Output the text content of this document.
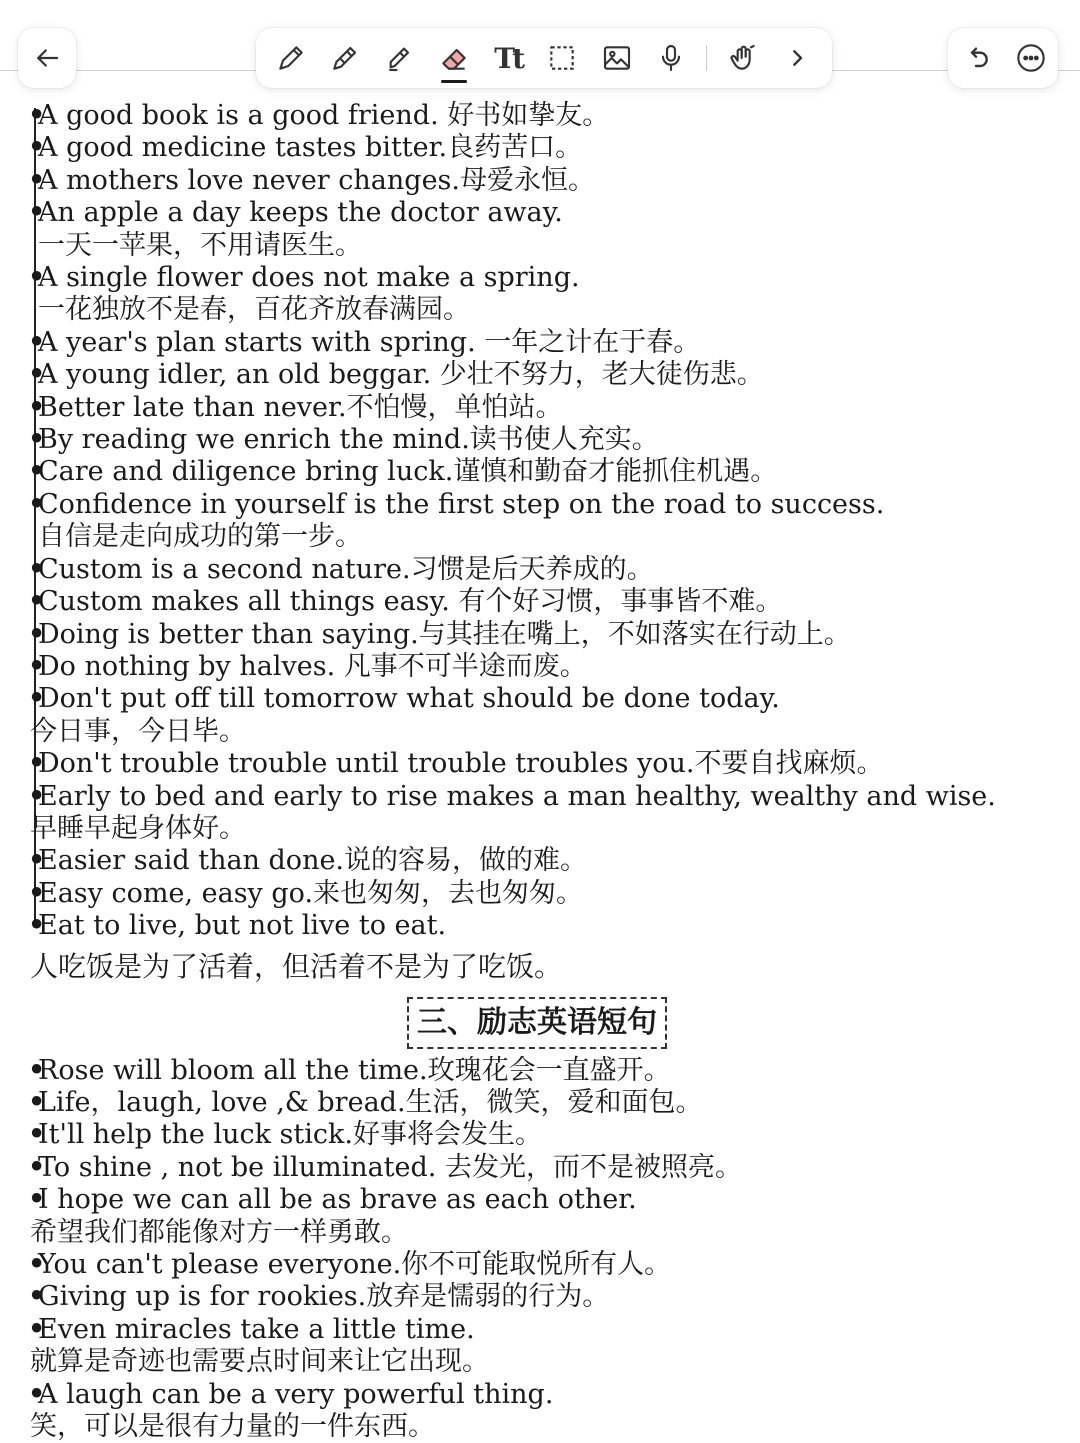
Tt

• A good book is a good friend. 好书如挚友。

• A good medicine tastes bitter.良药苦口。

• A mothers love never changes.母爱永恒。

• An apple a day keeps the doctor away.

一天一苹果，不用请医生。

• A single flower does not make a spring.

一花独放不是春，百花齐放春满园。

• A year's plan starts with spring. 一年之计在于春。

• A young idler, an old beggar. 少壮不努力，老大徒伤悲。

• Better late than never.不怕慢，单怕站。

• By reading we enrich the mind.读书使人充实。

• Care and diligence bring luck.谨慎和勤奋才能抓住机遇。

• Confidence in yourself is the first step on the road to success.

自信是走向成功的第一步。

• Custom is a second nature.习惯是后天养成的。

• Custom makes all things easy. 有个好习惯，事事皆不难。

• Doing is better than saying.与其挂在嘴上，不如落实在行动上。

• Do nothing by halves. 凡事不可半途而废。

• Don't put off till tomorrow what should be done today.

今日事，今日毕。

• Don't trouble trouble until trouble troubles you.不要自找麻烦。

• Early to bed and early to rise makes a man healthy, wealthy and wise.

早睡早起身体好。

• Easier said than done.说的容易，做的难。

• Easy come, easy go.来也匆匆，去也匆匆。

• Eat to live, but not live to eat.

人吃饭是为了活着，但活着不是为了吃饭。

三、励志英语短句

• Rose will bloom all the time.玫瑰花会一直盛开。

• Life，laugh, love ,& bread.生活，微笑，爱和面包。

• It'll help the luck stick.好事将会发生。

• To shine , not be illuminated. 去发光，而不是被照亮。

• I hope we can all be as brave as each other.

希望我们都能像对方一样勇敢。

• You can't please everyone.你不可能取悦所有人。

• Giving up is for rookies.放弃是懦弱的行为。

• Even miracles take a little time.

就算是奇迹也需要点时间来让它出现。

• A laugh can be a very powerful thing.

笑，可以是很有力量的一件东西。
